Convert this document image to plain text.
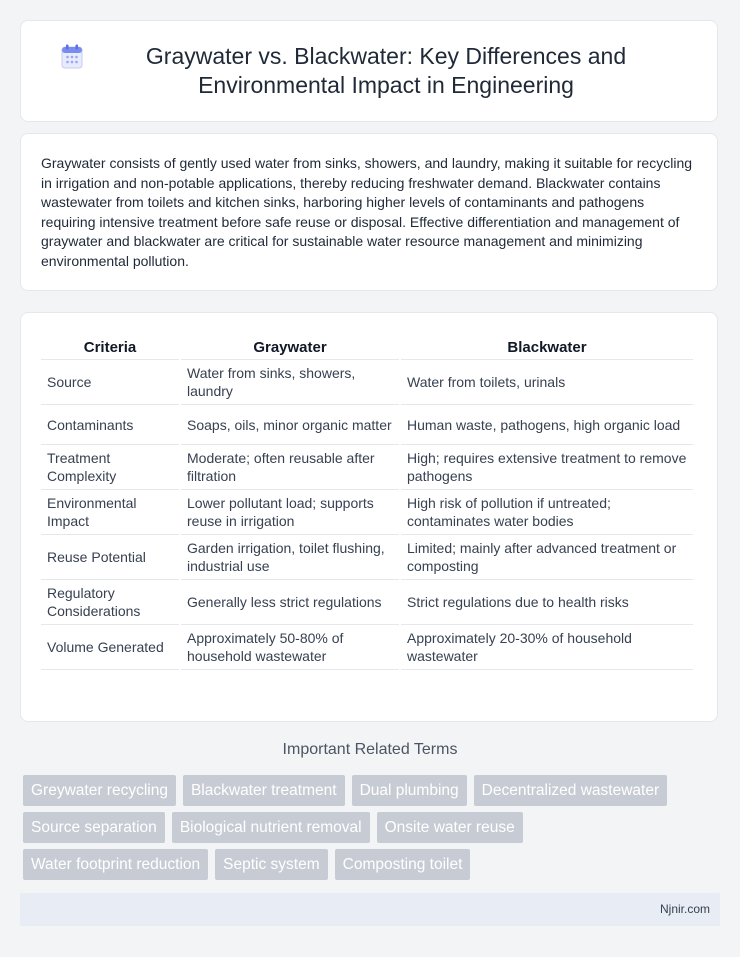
Graywater vs. Blackwater: Key Differences and Environmental Impact in Engineering

Graywater consists of gently used water from sinks, showers, and laundry, making it suitable for recycling in irrigation and non-potable applications, thereby reducing freshwater demand. Blackwater contains wastewater from toilets and kitchen sinks, harboring higher levels of contaminants and pathogens requiring intensive treatment before safe reuse or disposal. Effective differentiation and management of graywater and blackwater are critical for sustainable water resource management and minimizing environmental pollution.

Criteria	Graywater	Blackwater
Source	Water from sinks, showers, laundry	Water from toilets, urinals
Contaminants	Soaps, oils, minor organic matter	Human waste, pathogens, high organic load
Treatment Complexity	Moderate; often reusable after filtration	High; requires extensive treatment to remove pathogens
Environmental Impact	Lower pollutant load; supports reuse in irrigation	High risk of pollution if untreated; contaminates water bodies
Reuse Potential	Garden irrigation, toilet flushing, industrial use	Limited; mainly after advanced treatment or composting
Regulatory Considerations	Generally less strict regulations	Strict regulations due to health risks
Volume Generated	Approximately 50-80% of household wastewater	Approximately 20-30% of household wastewater
Important Related Terms
Greywater recycling	Blackwater treatment	Dual plumbing	Decentralized wastewater
Source separation	Biological nutrient removal	Onsite water reuse
Water footprint reduction	Septic system	Composting toilet
Njnir.com
